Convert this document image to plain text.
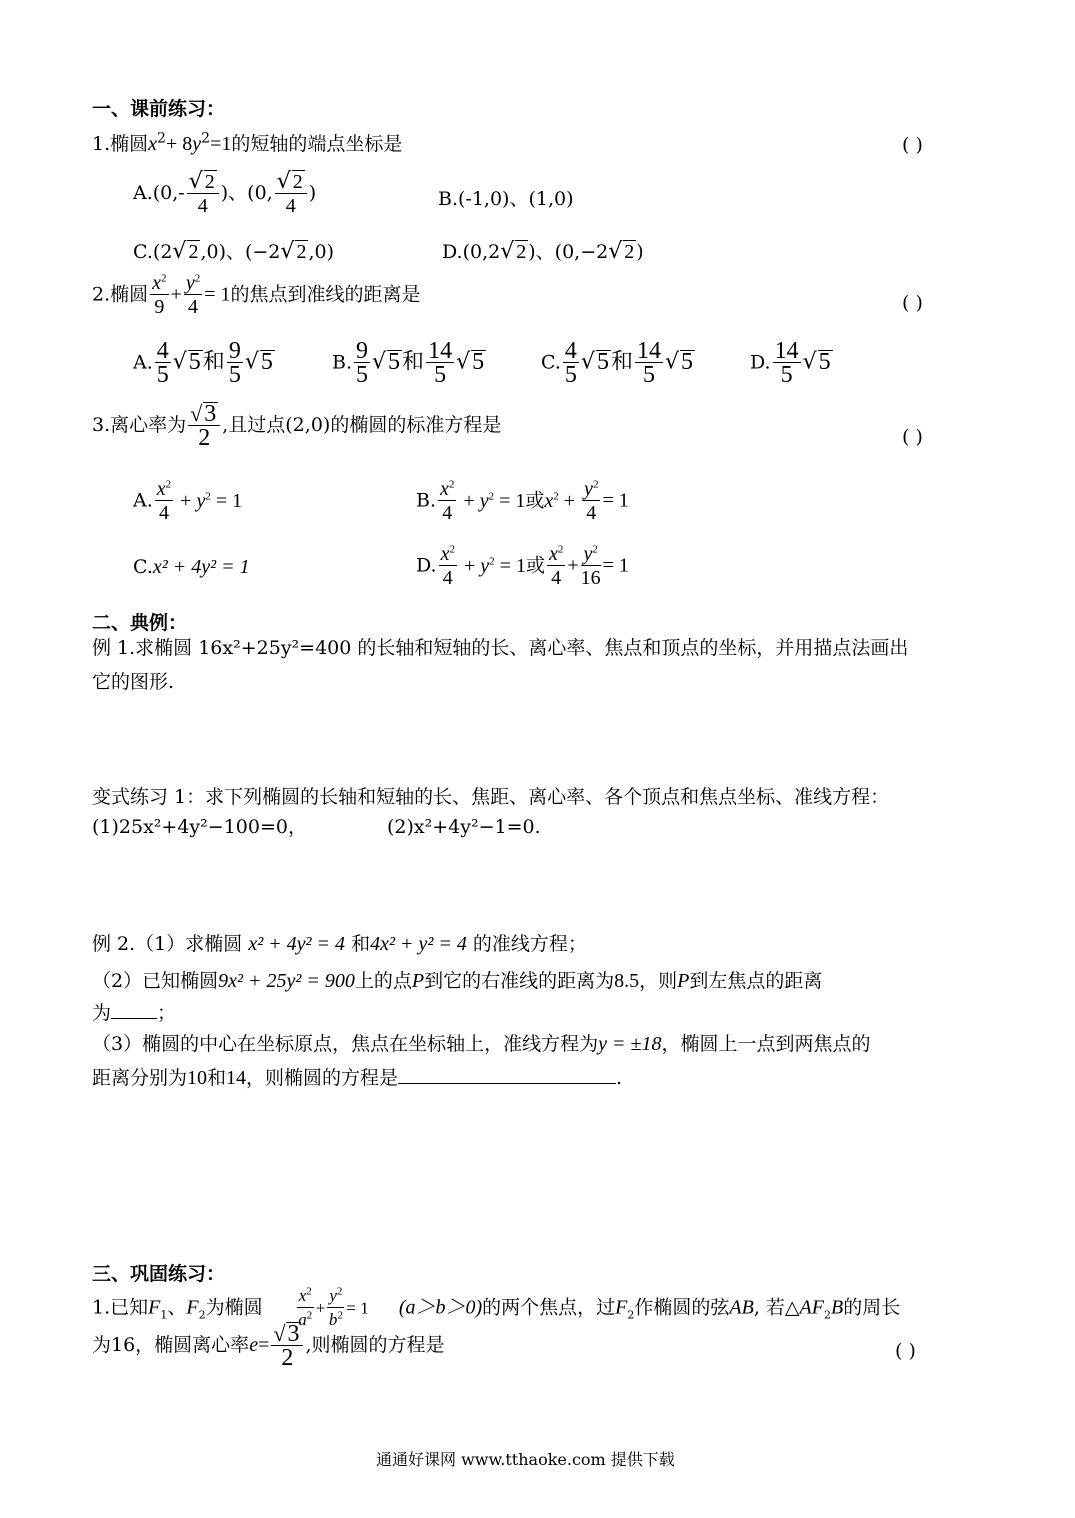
一、课前练习：
1.椭圆$x^2+ 8y^2=1$的短轴的端点坐标是	( )
$A.(0,- \frac{√ 2}{4}$ )、(0, $\frac{√ 2}{4}$ )	B.(-1,0)、(1,0)
C.(2√ 2 ,0)、(−2√ 2 ,0)	D.(0,2√ 2 )、(0,−2√ 2 )
2.椭圆 $\frac{x^2}{9} + \frac{y^2}{4} = 1$的焦点到准线的距离是	( )
A. $\frac{4}{5} √5$和 $\frac{9}{5} √5$	B. $\frac{9}{5} √5$和 $\frac{14}{5} √5$	C. $\frac{4}{5} √5$和 $\frac{14}{5} √5$	D. $\frac{14}{5} √5$
3.离心率为 $\frac{√3}{2}$ ,且过点(2,0)的椭圆的标准方程是
( )
A. $\frac{x^2}{4} + y^2 = 1$	B. $\frac{x^2}{4} + y^2 = 1$或$x^2 + \frac{y^2}{4} = 1$
C.x² + 4y² = 1	D. $\frac{x^2}{4} + y^2 = 1$或 $\frac{x^2}{4} + \frac{y^2}{16} = 1$
二、典例：
例 1.求椭圆 16x²+25y²=400 的长轴和短轴的长、离心率、焦点和顶点的坐标，并用描点法画出
它的图形.
变式练习 1：求下列椭圆的长轴和短轴的长、焦距、离心率、各个顶点和焦点坐标、准线方程：
(1)25x²+4y²−100=0，	(2)x²+4y²−1=0.
例 2.（1）求椭圆 x² + 4y² = 4 和4x² + y² = 4 的准线方程；
（2）已知椭圆9x² + 25y² = 900上的点P到它的右准线的距离为8.5，则P到左焦点的距离
为 ；
（3）椭圆的中心在坐标原点，焦点在坐标轴上，准线方程为y = ±18，椭圆上一点到两焦点的
距离分别为10和14，则椭圆的方程是	.
三、巩固练习：
1.已知$F_1$、$F_2$为椭圆 $\frac{x^2}{a^2} + \frac{y^2}{b^2} = 1$ (a＞b＞0)的两个焦点，过$F_2$作椭圆的弦AB, 若$\triangle AF_2B$的周长
为16，椭圆离心率$e= \frac{√3}{2}$ ,则椭圆的方程是	( )
通通好课网 www.tthaoke.com 提供下载
